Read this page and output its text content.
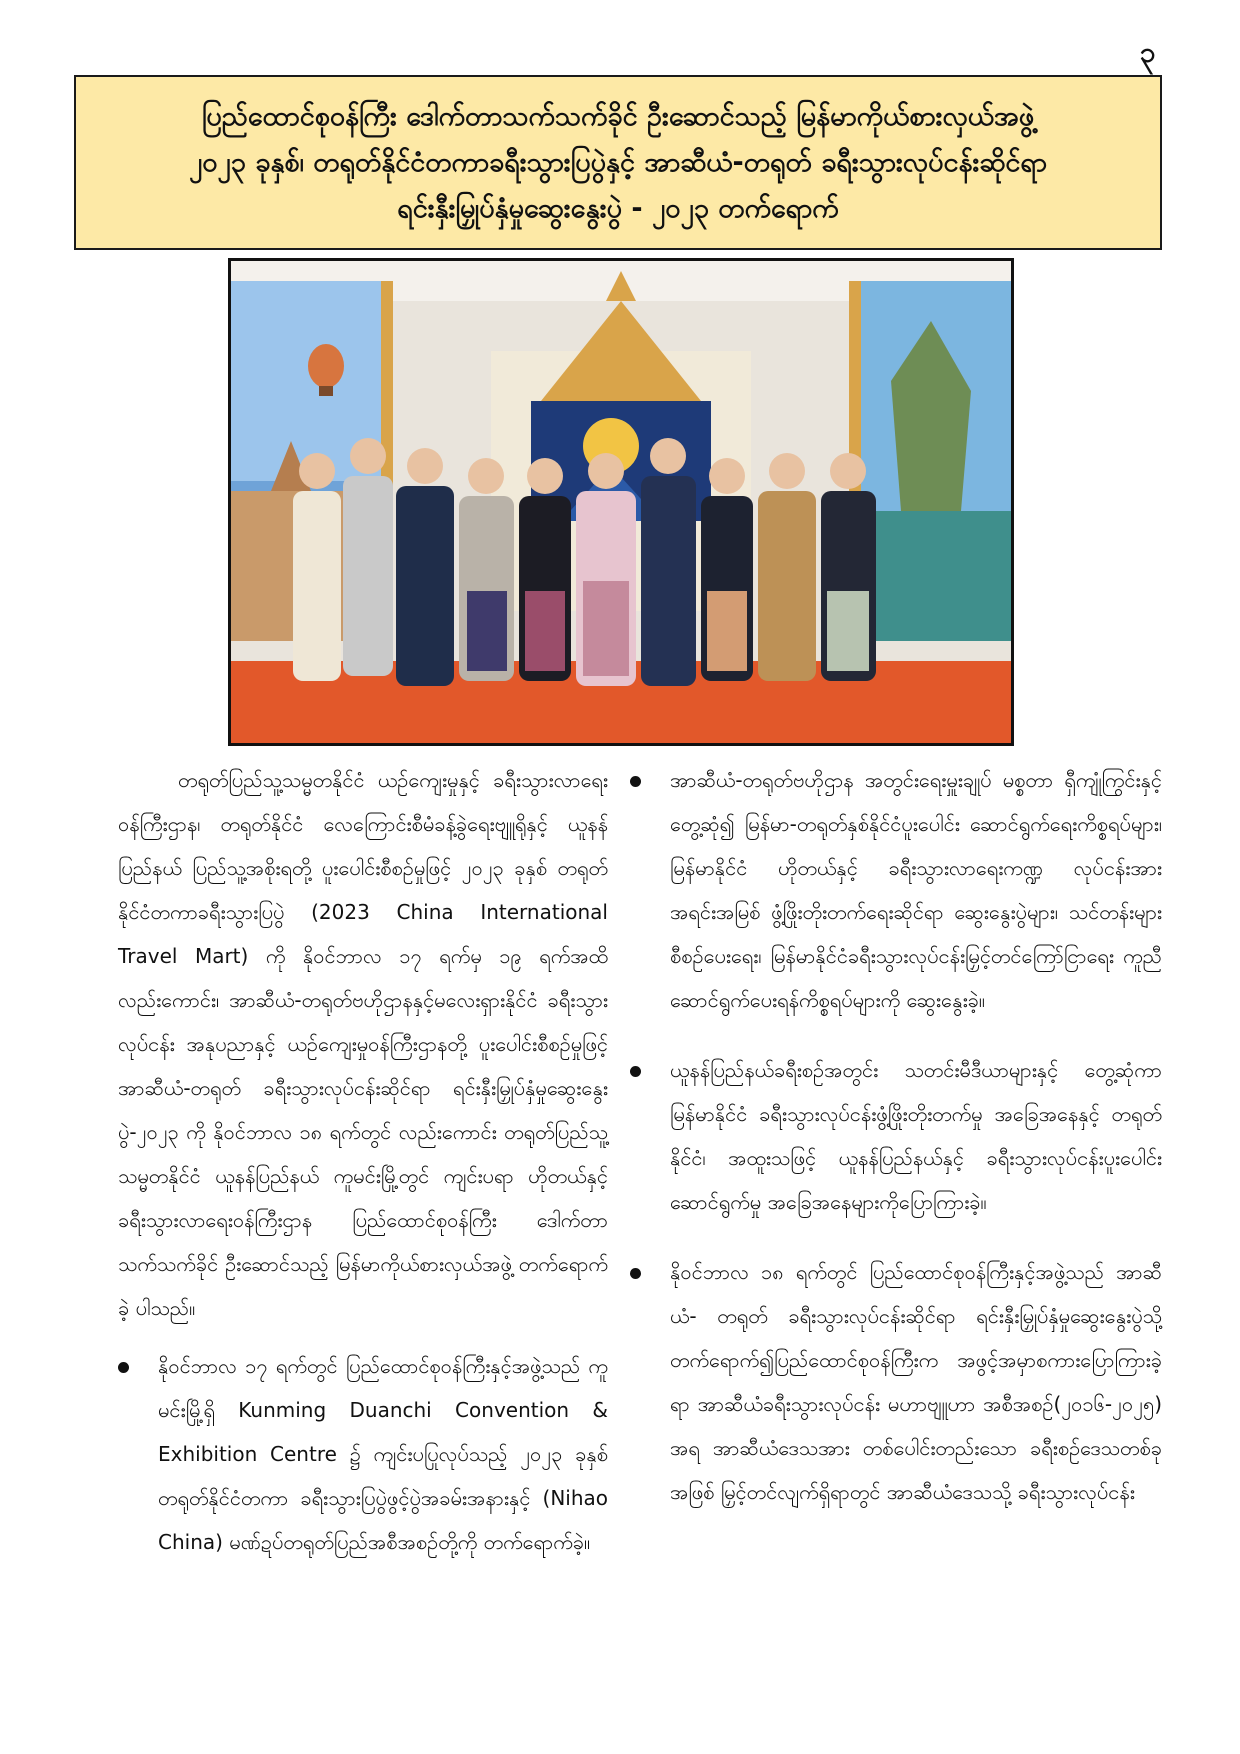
၃
ပြည်ထောင်စုဝန်ကြီး ဒေါက်တာသက်သက်ခိုင် ဦးဆောင်သည့် မြန်မာကိုယ်စားလှယ်အဖွဲ့
၂၀၂၃ ခုနှစ်၊ တရုတ်နိုင်ငံတကာခရီးသွားပြပွဲနှင့် အာဆီယံ-တရုတ် ခရီးသွားလုပ်ငန်းဆိုင်ရာ
ရင်းနှီးမြှုပ်နှံမှုဆွေးနွေးပွဲ - ၂၀၂၃ တက်ရောက်

တရုတ်ပြည်သူ့သမ္မတနိုင်ငံ ယဉ်ကျေးမှုနှင့် ခရီးသွားလာရေးဝန်ကြီးဌာန၊ တရုတ်နိုင်ငံ လေကြောင်းစီမံခန့်ခွဲရေးဗျူရိုနှင့် ယူနန်ပြည်နယ် ပြည်သူ့အစိုးရတို့ ပူးပေါင်းစီစဉ်မှုဖြင့် ၂၀၂၃ ခုနှစ် တရုတ်နိုင်ငံတကာခရီးသွားပြပွဲ (2023 China International Travel Mart) ကို နိုဝင်ဘာလ ၁၇ ရက်မှ ၁၉ ရက်အထိ လည်းကောင်း၊ အာဆီယံ-တရုတ်ဗဟိုဌာနနှင့်မလေးရှားနိုင်ငံ ခရီးသွားလုပ်ငန်း အနုပညာနှင့် ယဉ်ကျေးမှုဝန်ကြီးဌာနတို့ ပူးပေါင်းစီစဉ်မှုဖြင့် အာဆီယံ-တရုတ် ခရီးသွားလုပ်ငန်းဆိုင်ရာ ရင်းနှီးမြှုပ်နှံမှုဆွေးနွေးပွဲ-၂၀၂၃ ကို နိုဝင်ဘာလ ၁၈ ရက်တွင် လည်းကောင်း တရုတ်ပြည်သူ့သမ္မတနိုင်ငံ ယူနန်ပြည်နယ် ကူမင်းမြို့တွင် ကျင်းပရာ ဟိုတယ်နှင့်ခရီးသွားလာရေးဝန်ကြီးဌာန ပြည်ထောင်စုဝန်ကြီး ဒေါက်တာသက်သက်ခိုင် ဦးဆောင်သည့် မြန်မာကိုယ်စားလှယ်အဖွဲ့ တက်ရောက်ခဲ့ ပါသည်။

နိုဝင်ဘာလ ၁၇ ရက်တွင် ပြည်ထောင်စုဝန်ကြီးနှင့်အဖွဲ့သည် ကူမင်းမြို့ရှိ Kunming Duanchi Convention & Exhibition Centre ၌ ကျင်းပပြုလုပ်သည့် ၂၀၂၃ ခုနှစ် တရုတ်နိုင်ငံတကာ ခရီးသွားပြပွဲဖွင့်ပွဲအခမ်းအနားနှင့် (Nihao China) မဏ်ဍပ်တရုတ်ပြည်အစီအစဉ်တို့ကို တက်ရောက်ခဲ့။
အာဆီယံ-တရုတ်ဗဟိုဌာန အတွင်းရေးမှူးချုပ် မစ္စတာ ရှီကျုံကြွင်းနှင့်တွေ့ဆုံ၍ မြန်မာ-တရုတ်နှစ်နိုင်ငံပူးပေါင်း ဆောင်ရွက်ရေးကိစ္စရပ်များ၊ မြန်မာနိုင်ငံ ဟိုတယ်နှင့် ခရီးသွားလာရေးကဏ္ဍ လုပ်ငန်းအားအရင်းအမြစ် ဖွံ့ဖြိုးတိုးတက်ရေးဆိုင်ရာ ဆွေးနွေးပွဲများ၊ သင်တန်းများစီစဉ်ပေးရေး၊ မြန်မာနိုင်ငံခရီးသွားလုပ်ငန်းမြှင့်တင်ကြော်ငြာရေး ကူညီဆောင်ရွက်ပေးရန်ကိစ္စရပ်များကို ဆွေးနွေးခဲ့။
ယူနန်ပြည်နယ်ခရီးစဉ်အတွင်း သတင်းမီဒီယာများနှင့် တွေ့ဆုံကာ မြန်မာနိုင်ငံ ခရီးသွားလုပ်ငန်းဖွံ့ဖြိုးတိုးတက်မှု အခြေအနေနှင့် တရုတ်နိုင်ငံ၊ အထူးသဖြင့် ယူနန်ပြည်နယ်နှင့် ခရီးသွားလုပ်ငန်းပူးပေါင်းဆောင်ရွက်မှု အခြေအနေများကိုပြောကြားခဲ့။
နိုဝင်ဘာလ ၁၈ ရက်တွင် ပြည်ထောင်စုဝန်ကြီးနှင့်အဖွဲ့သည် အာဆီယံ- တရုတ် ခရီးသွားလုပ်ငန်းဆိုင်ရာ ရင်းနှီးမြှုပ်နှံမှုဆွေးနွေးပွဲသို့ တက်ရောက်၍ပြည်ထောင်စုဝန်ကြီးက အဖွင့်အမှာစကားပြောကြားခဲ့ရာ အာဆီယံခရီးသွားလုပ်ငန်း မဟာဗျူဟာ အစီအစဉ်(၂၀၁၆-၂၀၂၅) အရ အာဆီယံဒေသအား တစ်ပေါင်းတည်းသော ခရီးစဉ်ဒေသတစ်ခုအဖြစ် မြှင့်တင်လျက်ရှိရာတွင် အာဆီယံဒေသသို့ ခရီးသွားလုပ်ငန်း
